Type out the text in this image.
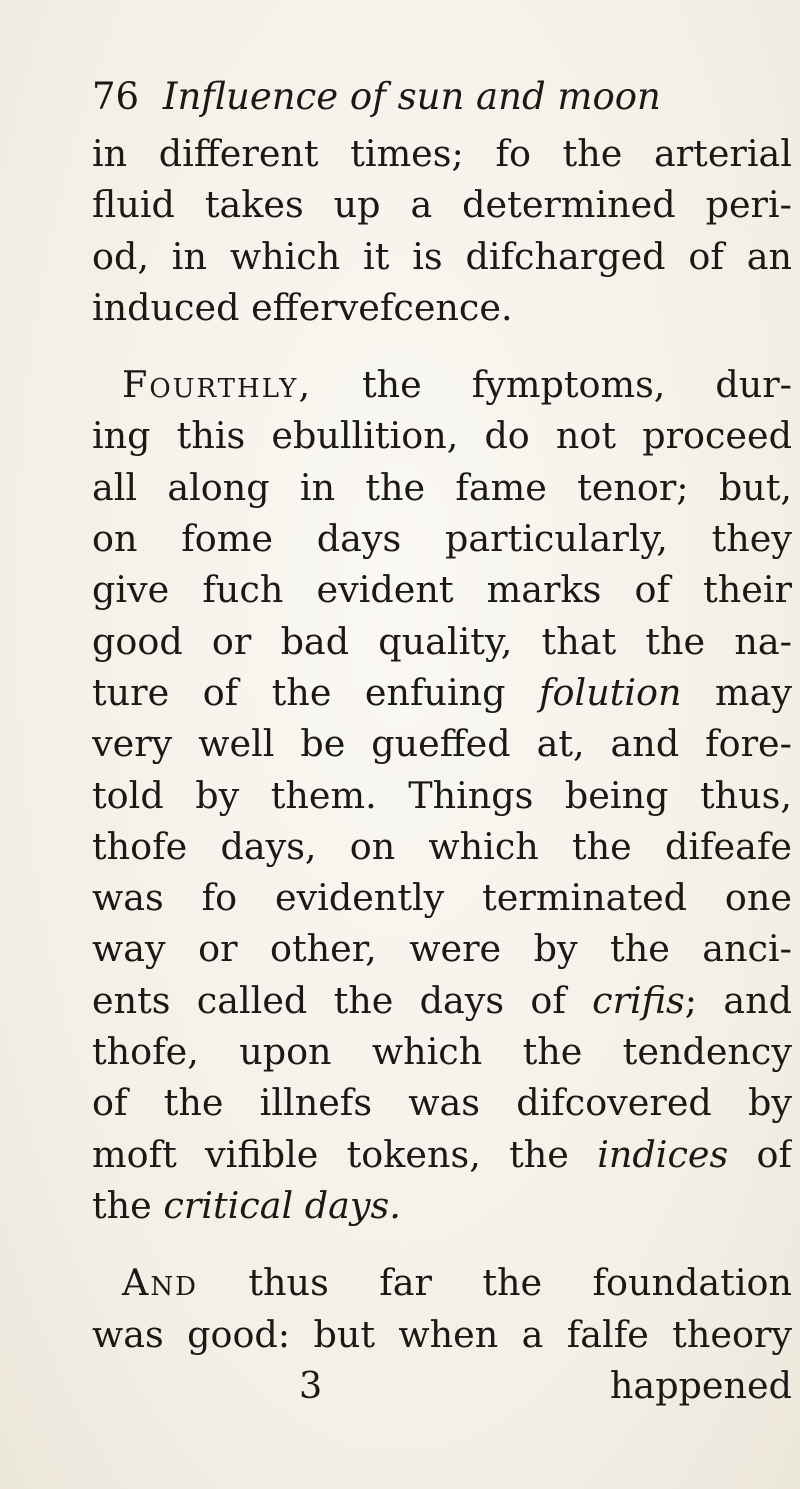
76 Influence of sun and moon
in different times; fo the arterial
fluid takes up a determined peri-
od, in which it is difcharged of an
induced effervefcence.
Fourthly, the fymptoms, dur-
ing this ebullition, do not proceed
all along in the fame tenor; but,
on fome days particularly, they
give fuch evident marks of their
good or bad quality, that the na-
ture of the enfuing folution may
very well be gueffed at, and fore-
told by them. Things being thus,
thofe days, on which the difeafe
was fo evidently terminated one
way or other, were by the anci-
ents called the days of crifis; and
thofe, upon which the tendency
of the illnefs was difcovered by
moft vifible tokens, the indices of
the critical days.
And thus far the foundation
was good: but when a falfe theory
3	happened
